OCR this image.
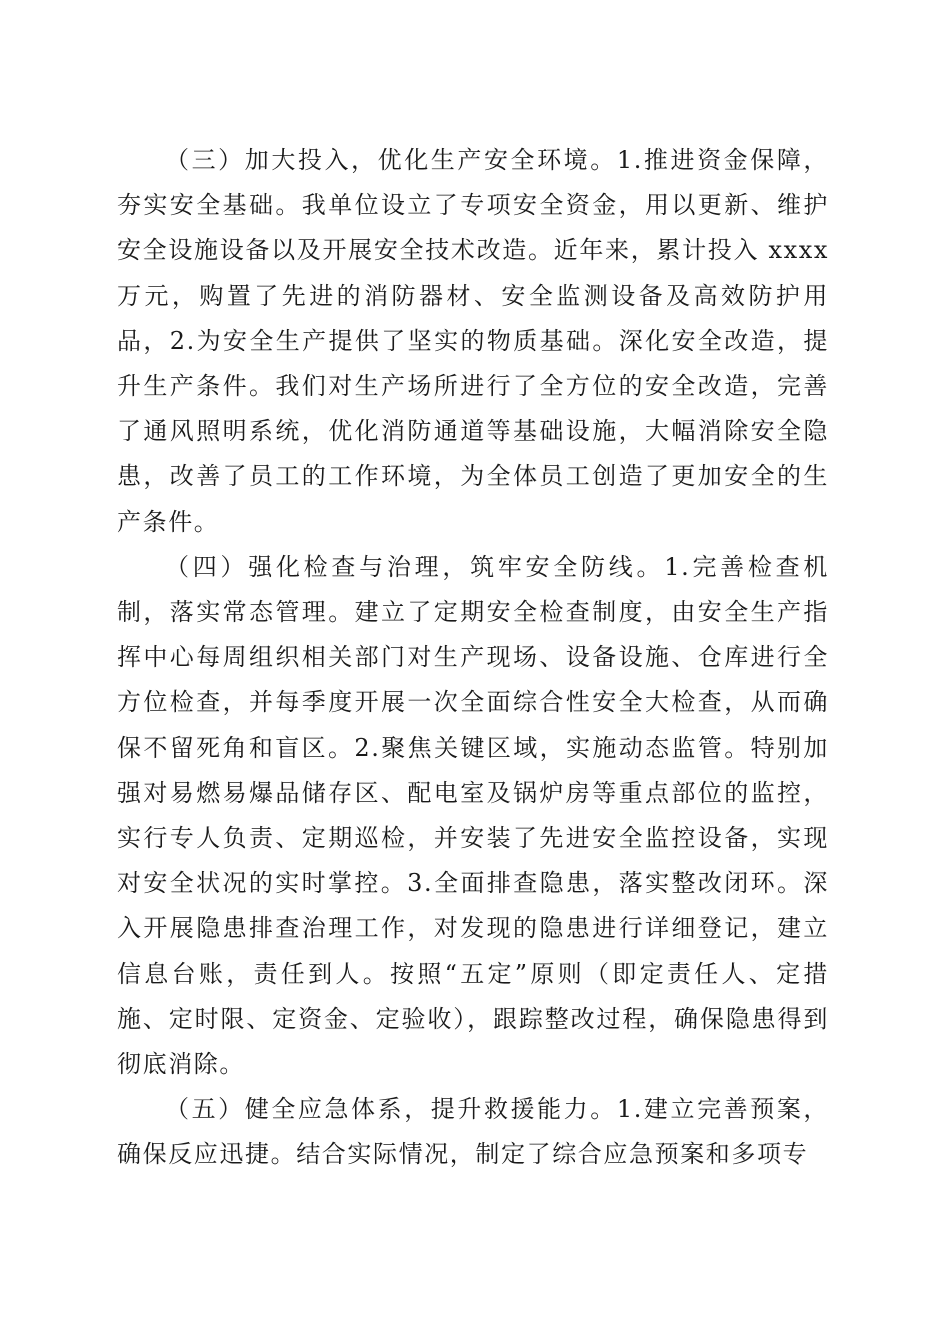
（三）加大投入，优化生产安全环境。1.推进资金保障，夯实安全基础。我单位设立了专项安全资金，用以更新、维护安全设施设备以及开展安全技术改造。近年来，累计投入 xxxx万元，购置了先进的消防器材、安全监测设备及高效防护用品，2.为安全生产提供了坚实的物质基础。深化安全改造，提升生产条件。我们对生产场所进行了全方位的安全改造，完善了通风照明系统，优化消防通道等基础设施，大幅消除安全隐患，改善了员工的工作环境，为全体员工创造了更加安全的生产条件。

（四）强化检查与治理，筑牢安全防线。1.完善检查机制，落实常态管理。建立了定期安全检查制度，由安全生产指挥中心每周组织相关部门对生产现场、设备设施、仓库进行全方位检查，并每季度开展一次全面综合性安全大检查，从而确保不留死角和盲区。2.聚焦关键区域，实施动态监管。特别加强对易燃易爆品储存区、配电室及锅炉房等重点部位的监控，实行专人负责、定期巡检，并安装了先进安全监控设备，实现对安全状况的实时掌控。3.全面排查隐患，落实整改闭环。深入开展隐患排查治理工作，对发现的隐患进行详细登记，建立信息台账，责任到人。按照“五定”原则（即定责任人、定措施、定时限、定资金、定验收），跟踪整改过程，确保隐患得到彻底消除。

（五）健全应急体系，提升救援能力。1.建立完善预案，确保反应迅捷。结合实际情况，制定了综合应急预案和多项专
